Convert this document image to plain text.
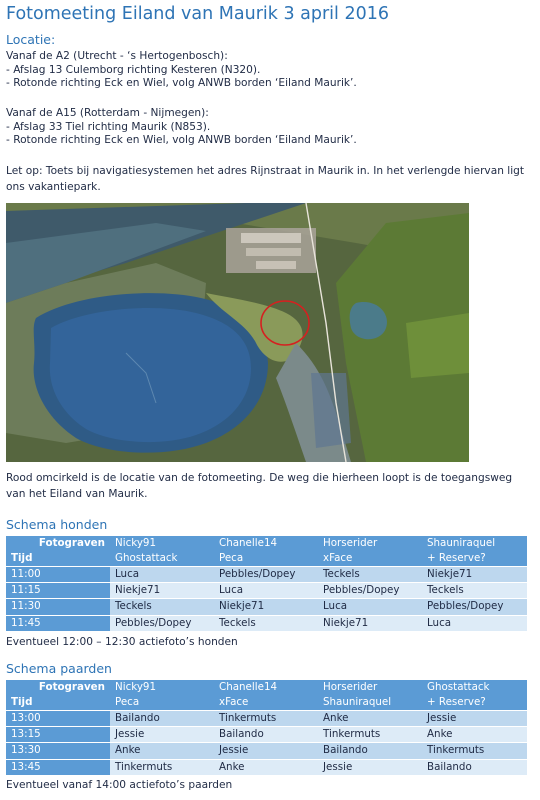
Fotomeeting Eiland van Maurik 3 april 2016
Locatie:
Vanaf de A2 (Utrecht - ‘s Hertogenbosch):
- Afslag 13 Culemborg richting Kesteren (N320).
- Rotonde richting Eck en Wiel, volg ANWB borden ‘Eiland Maurik’.
Vanaf de A15 (Rotterdam - Nijmegen):
- Afslag 33 Tiel richting Maurik (N853).
- Rotonde richting Eck en Wiel, volg ANWB borden ‘Eiland Maurik’.
Let op: Toets bij navigatiesystemen het adres Rijnstraat in Maurik in. In het verlengde hiervan ligt ons vakantiepark.
Rood omcirkeld is de locatie van de fotomeeting. De weg die hierheen loopt is de toegangsweg van het Eiland van Maurik.
Schema honden
Fotograven	Nicky91	Chanelle14	Horserider	Shauniraquel
Tijd	Ghostattack	Peca	xFace	+ Reserve?
11:00	Luca	Pebbles/Dopey	Teckels	Niekje71
11:15	Niekje71	Luca	Pebbles/Dopey	Teckels
11:30	Teckels	Niekje71	Luca	Pebbles/Dopey
11:45	Pebbles/Dopey	Teckels	Niekje71	Luca
Eventueel 12:00 – 12:30 actiefoto’s honden
Schema paarden
Fotograven	Nicky91	Chanelle14	Horserider	Ghostattack
Tijd	Peca	xFace	Shauniraquel	+ Reserve?
13:00	Bailando	Tinkermuts	Anke	Jessie
13:15	Jessie	Bailando	Tinkermuts	Anke
13:30	Anke	Jessie	Bailando	Tinkermuts
13:45	Tinkermuts	Anke	Jessie	Bailando
Eventueel vanaf 14:00 actiefoto’s paarden
